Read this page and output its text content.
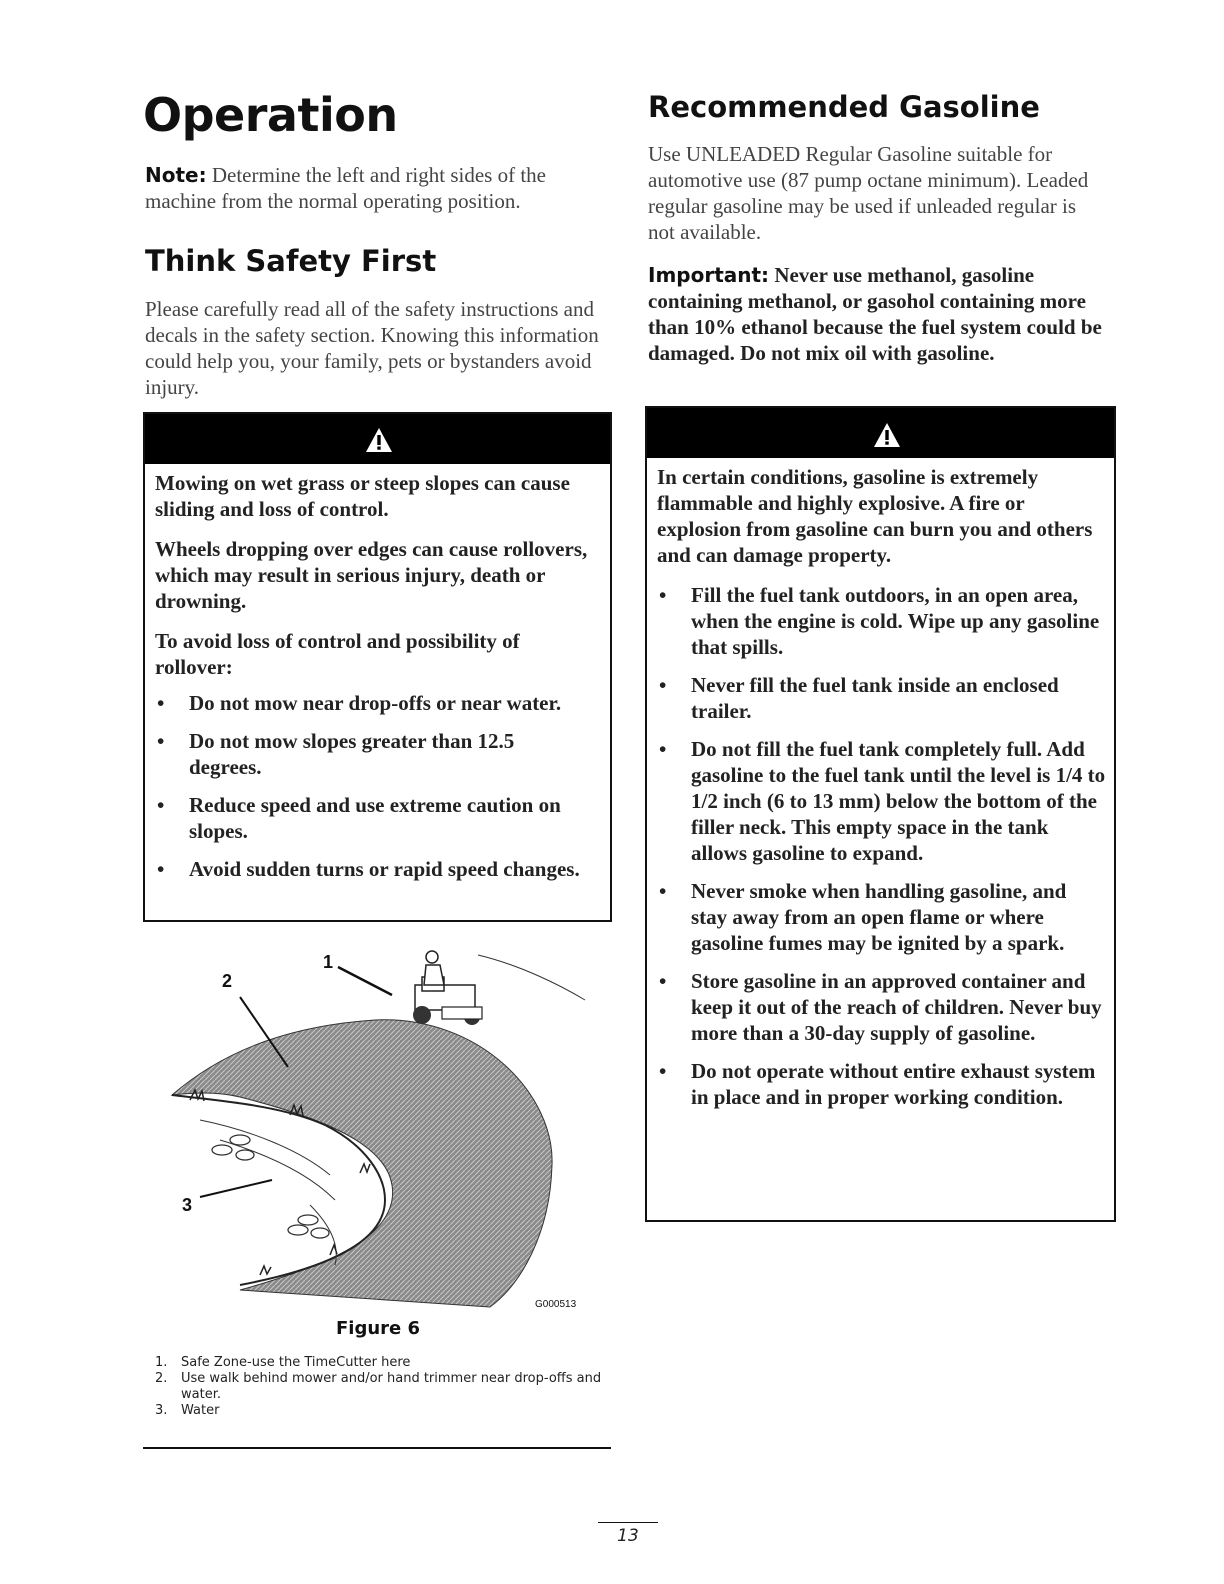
Operation
Note: Determine the left and right sides of the machine from the normal operating position.
Think Safety First
Please carefully read all of the safety instructions and decals in the safety section. Knowing this information could help you, your family, pets or bystanders avoid injury.

Mowing on wet grass or steep slopes can cause sliding and loss of control.

Wheels dropping over edges can cause rollovers, which may result in serious injury, death or drowning.

To avoid loss of control and possibility of rollover:

• Do not mow near drop-offs or near water.
• Do not mow slopes greater than 12.5 degrees.
• Reduce speed and use extreme caution on slopes.
• Avoid sudden turns or rapid speed changes.
1
2
3
G000513
Figure 6
1. Safe Zone-use the TimeCutter here
2. Use walk behind mower and/or hand trimmer near drop-offs and water.
3. Water
Recommended Gasoline
Use UNLEADED Regular Gasoline suitable for automotive use (87 pump octane minimum). Leaded regular gasoline may be used if unleaded regular is not available.
Important: Never use methanol, gasoline containing methanol, or gasohol containing more than 10% ethanol because the fuel system could be damaged. Do not mix oil with gasoline.

In certain conditions, gasoline is extremely flammable and highly explosive. A fire or explosion from gasoline can burn you and others and can damage property.

• Fill the fuel tank outdoors, in an open area, when the engine is cold. Wipe up any gasoline that spills.
• Never fill the fuel tank inside an enclosed trailer.
• Do not fill the fuel tank completely full. Add gasoline to the fuel tank until the level is 1/4 to 1/2 inch (6 to 13 mm) below the bottom of the filler neck. This empty space in the tank allows gasoline to expand.
• Never smoke when handling gasoline, and stay away from an open flame or where gasoline fumes may be ignited by a spark.
• Store gasoline in an approved container and keep it out of the reach of children. Never buy more than a 30-day supply of gasoline.
• Do not operate without entire exhaust system in place and in proper working condition.
13
